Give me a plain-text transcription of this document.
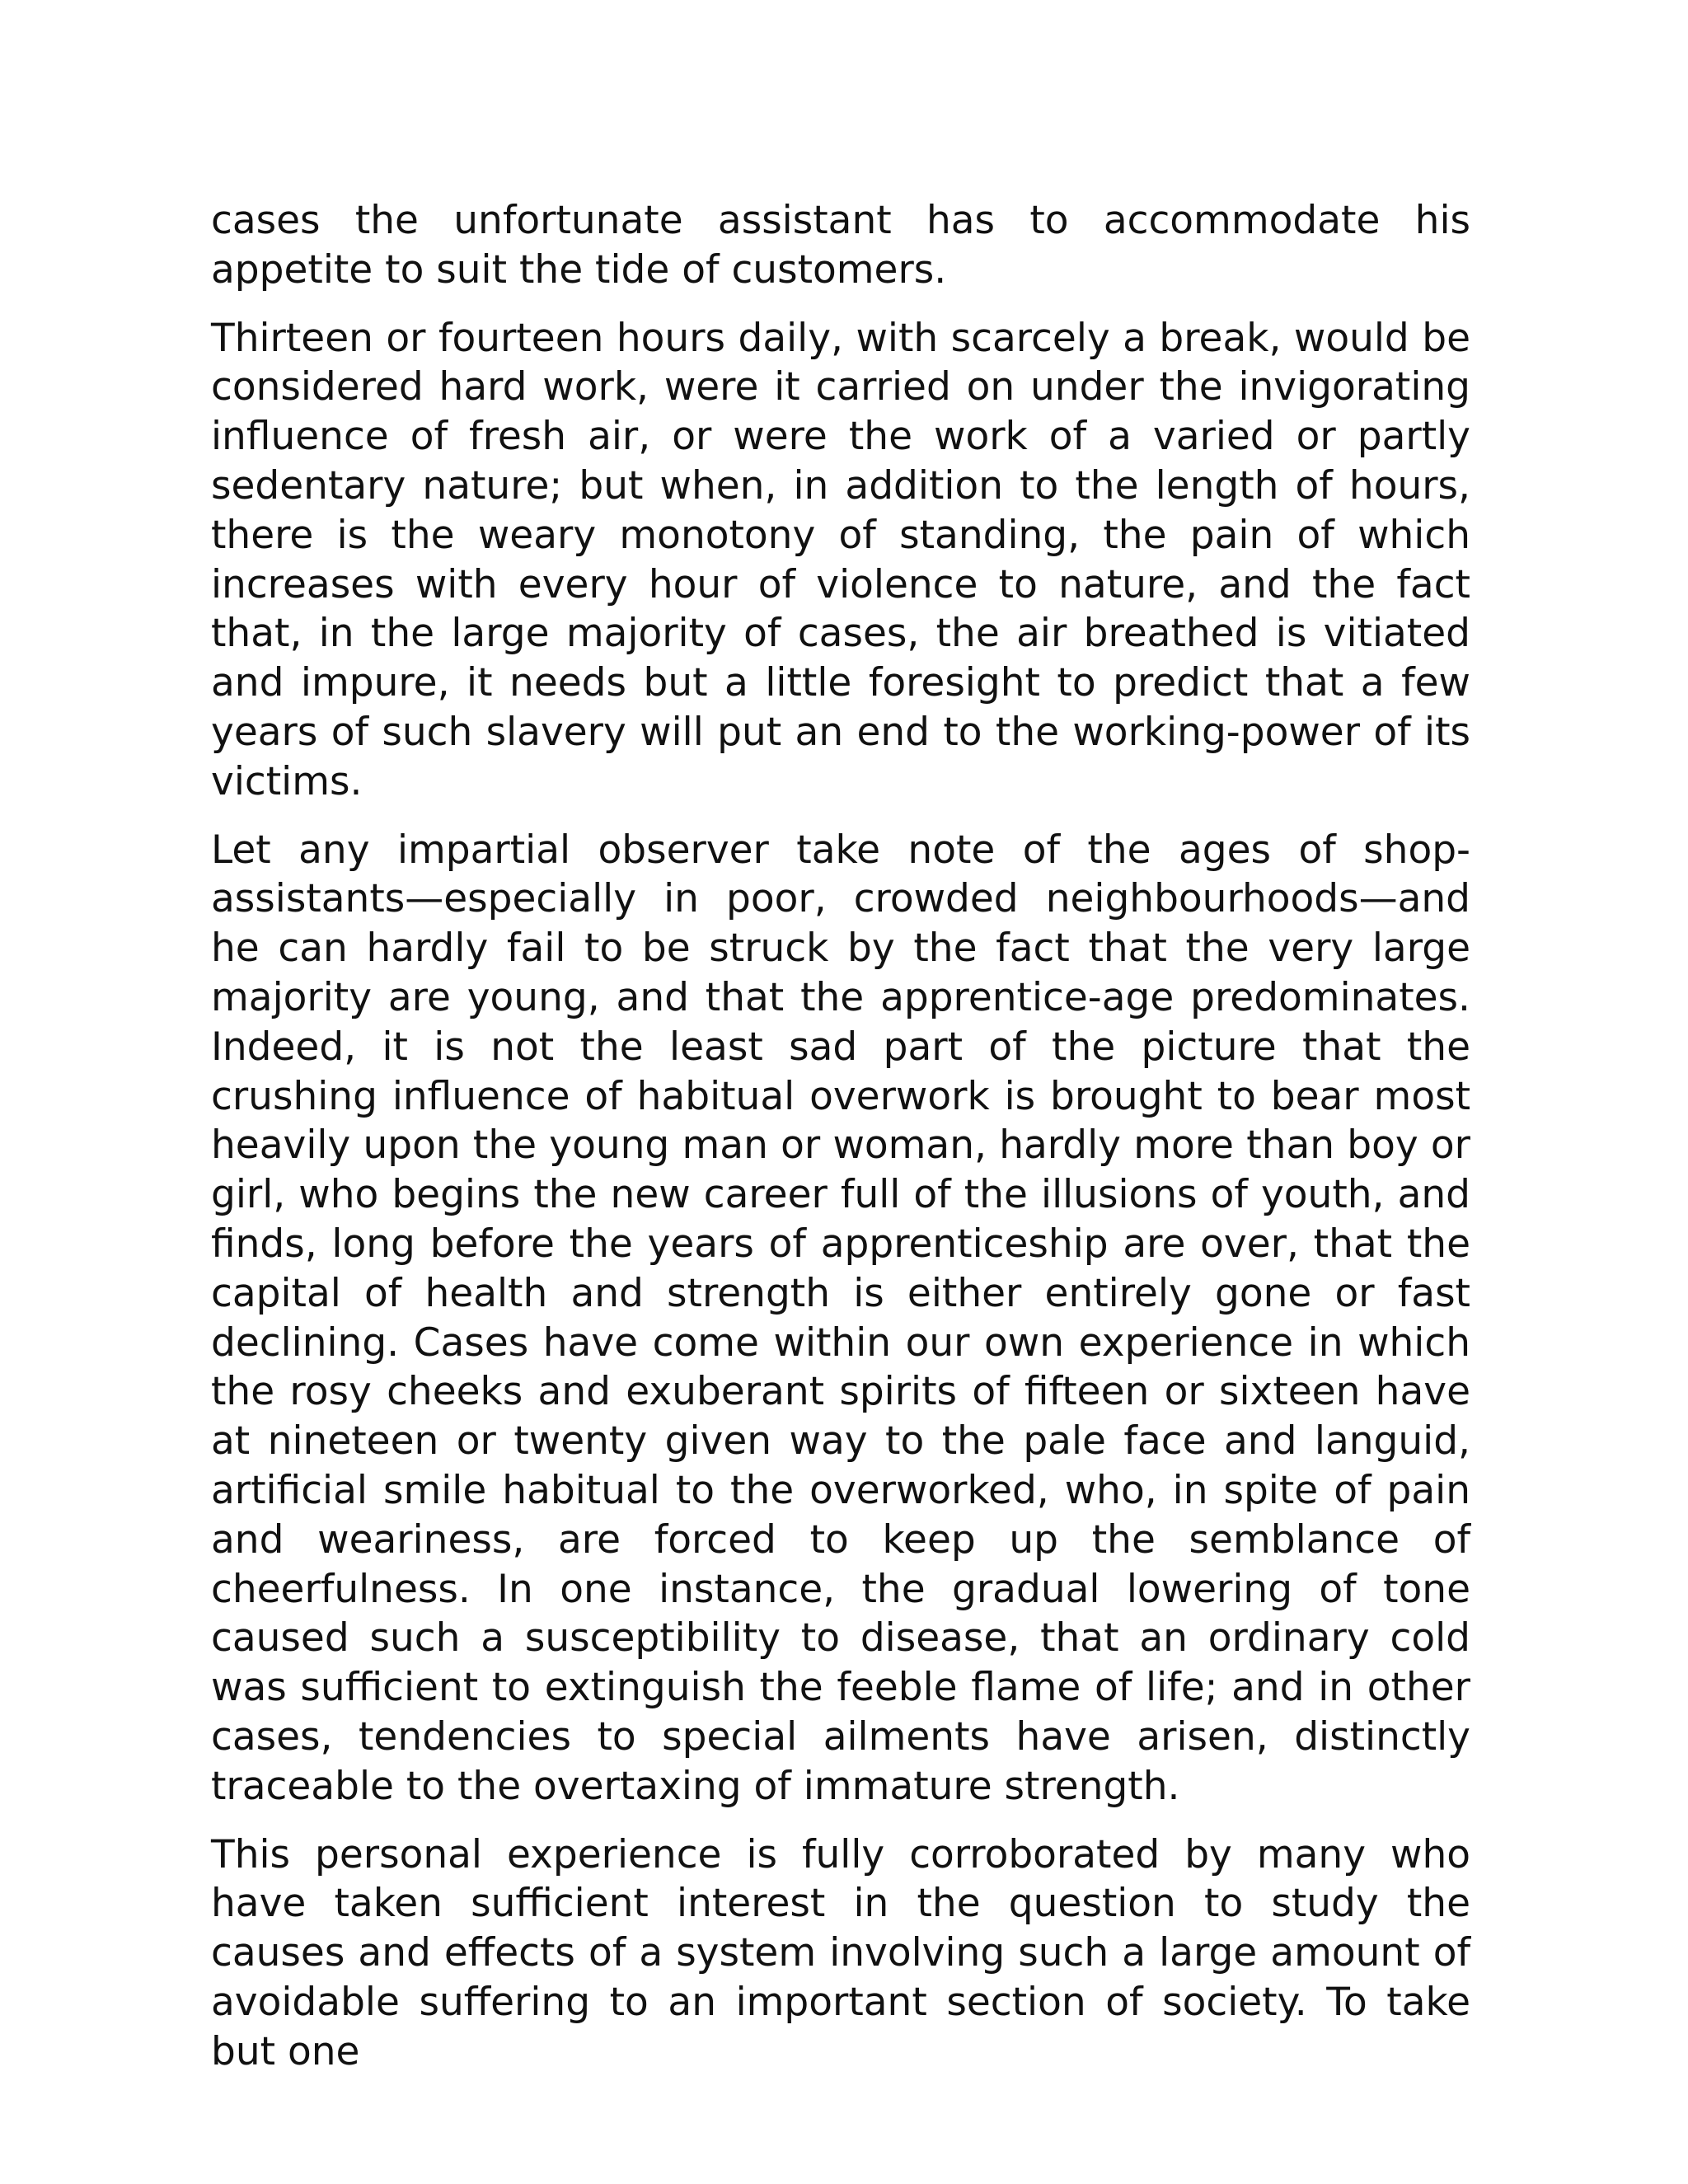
cases the unfortunate assistant has to accommodate his appetite to suit the tide of customers.

Thirteen or fourteen hours daily, with scarcely a break, would be considered hard work, were it carried on under the invigorating influence of fresh air, or were the work of a varied or partly sedentary nature; but when, in addition to the length of hours, there is the weary monotony of standing, the pain of which increases with every hour of violence to nature, and the fact that, in the large majority of cases, the air breathed is vitiated and impure, it needs but a little foresight to predict that a few years of such slavery will put an end to the working-power of its victims.

Let any impartial observer take note of the ages of shop-assistants—especially in poor, crowded neighbourhoods—and he can hardly fail to be struck by the fact that the very large majority are young, and that the apprentice-age predominates. Indeed, it is not the least sad part of the picture that the crushing influence of habitual overwork is brought to bear most heavily upon the young man or woman, hardly more than boy or girl, who begins the new career full of the illusions of youth, and finds, long before the years of apprenticeship are over, that the capital of health and strength is either entirely gone or fast declining. Cases have come within our own experience in which the rosy cheeks and exuberant spirits of fifteen or sixteen have at nineteen or twenty given way to the pale face and languid, artificial smile habitual to the overworked, who, in spite of pain and weariness, are forced to keep up the semblance of cheerfulness. In one instance, the gradual lowering of tone caused such a susceptibility to disease, that an ordinary cold was sufficient to extinguish the feeble flame of life; and in other cases, tendencies to special ailments have arisen, distinctly traceable to the overtaxing of immature strength.

This personal experience is fully corroborated by many who have taken sufficient interest in the question to study the causes and effects of a system involving such a large amount of avoidable suffering to an important section of society. To take but one
